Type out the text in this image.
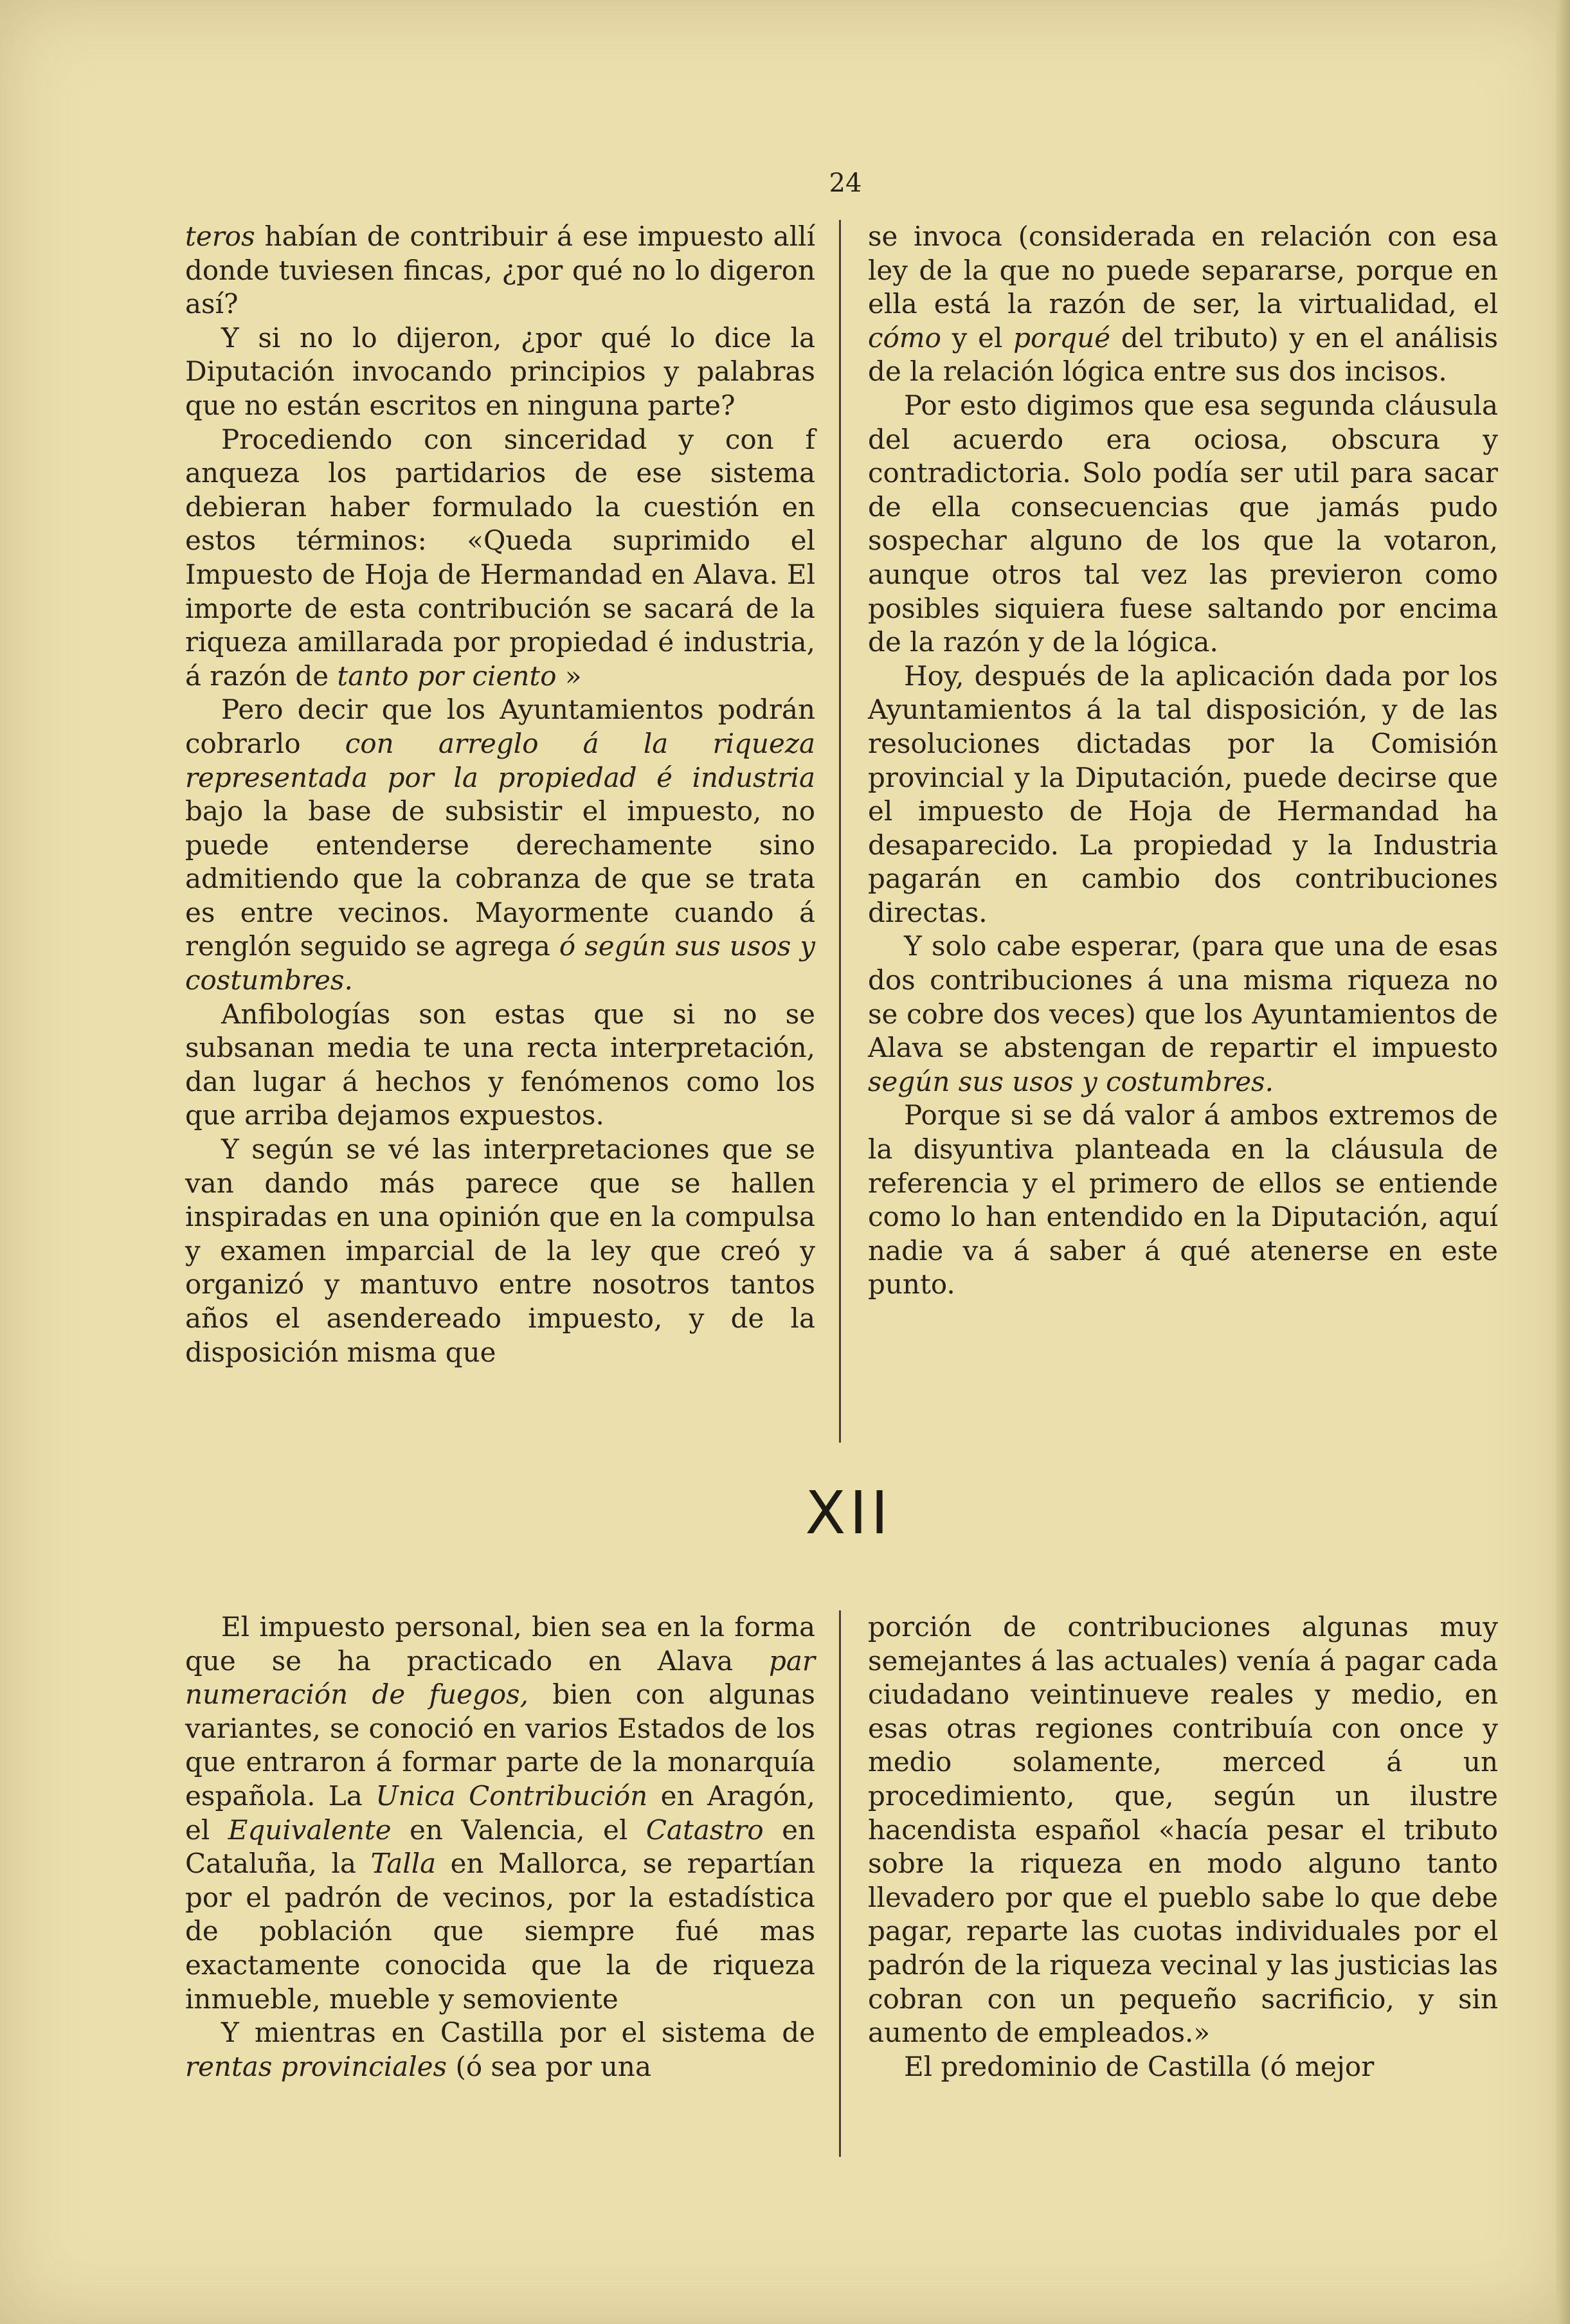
24

teros habían de contribuir á ese impuesto allí donde tuviesen fincas, ¿por qué no lo digeron así?

Y si no lo dijeron, ¿por qué lo dice la Diputación invocando principios y palabras que no están escritos en ninguna parte?

Procediendo con sinceridad y con f anqueza los partidarios de ese sistema debieran haber formulado la cuestión en estos términos: «Queda suprimido el Impuesto de Hoja de Hermandad en Alava. El importe de esta contribución se sacará de la riqueza amillarada por propiedad é industria, á razón de tanto por ciento »

Pero decir que los Ayuntamientos podrán cobrarlo con arreglo á la riqueza representada por la propiedad é industria bajo la base de subsistir el impuesto, no puede entenderse derechamente sino admitiendo que la cobranza de que se trata es entre vecinos. Mayormente cuando á renglón seguido se agrega ó según sus usos y costumbres.

Anfibologías son estas que si no se subsanan media te una recta interpretación, dan lugar á hechos y fenómenos como los que arriba dejamos expuestos.

Y según se vé las interpretaciones que se van dando más parece que se hallen inspiradas en una opinión que en la compulsa y examen imparcial de la ley que creó y organizó y mantuvo entre nosotros tantos años el asendereado impuesto, y de la disposición misma que

se invoca (considerada en relación con esa ley de la que no puede separarse, porque en ella está la razón de ser, la virtualidad, el cómo y el porqué del tributo) y en el análisis de la relación lógica entre sus dos incisos.

Por esto digimos que esa segunda cláusula del acuerdo era ociosa, obscura y contradictoria. Solo podía ser util para sacar de ella consecuencias que jamás pudo sospechar alguno de los que la votaron, aunque otros tal vez las previeron como posibles siquiera fuese saltando por encima de la razón y de la lógica.

Hoy, después de la aplicación dada por los Ayuntamientos á la tal disposición, y de las resoluciones dictadas por la Comisión provincial y la Diputación, puede decirse que el impuesto de Hoja de Hermandad ha desaparecido. La propiedad y la Industria pagarán en cambio dos contribuciones directas.

Y solo cabe esperar, (para que una de esas dos contribuciones á una misma riqueza no se cobre dos veces) que los Ayuntamientos de Alava se abstengan de repartir el impuesto según sus usos y costumbres.

Porque si se dá valor á ambos extremos de la disyuntiva planteada en la cláusula de referencia y el primero de ellos se entiende como lo han entendido en la Diputación, aquí nadie va á saber á qué atenerse en este punto.

XII

El impuesto personal, bien sea en la forma que se ha practicado en Alava par numeración de fuegos, bien con algunas variantes, se conoció en varios Estados de los que entraron á formar parte de la monarquía española. La Unica Contribución en Aragón, el Equivalente en Valencia, el Catastro en Cataluña, la Talla en Mallorca, se repartían por el padrón de vecinos, por la estadística de población que siempre fué mas exactamente conocida que la de riqueza inmueble, mueble y semoviente

Y mientras en Castilla por el sistema de rentas provinciales (ó sea por una

porción de contribuciones algunas muy semejantes á las actuales) venía á pagar cada ciudadano veintinueve reales y medio, en esas otras regiones contribuía con once y medio solamente, merced á un procedimiento, que, según un ilustre hacendista español «hacía pesar el tributo sobre la riqueza en modo alguno tanto llevadero por que el pueblo sabe lo que debe pagar, reparte las cuotas individuales por el padrón de la riqueza vecinal y las justicias las cobran con un pequeño sacrificio, y sin aumento de empleados.»

El predominio de Castilla (ó mejor
